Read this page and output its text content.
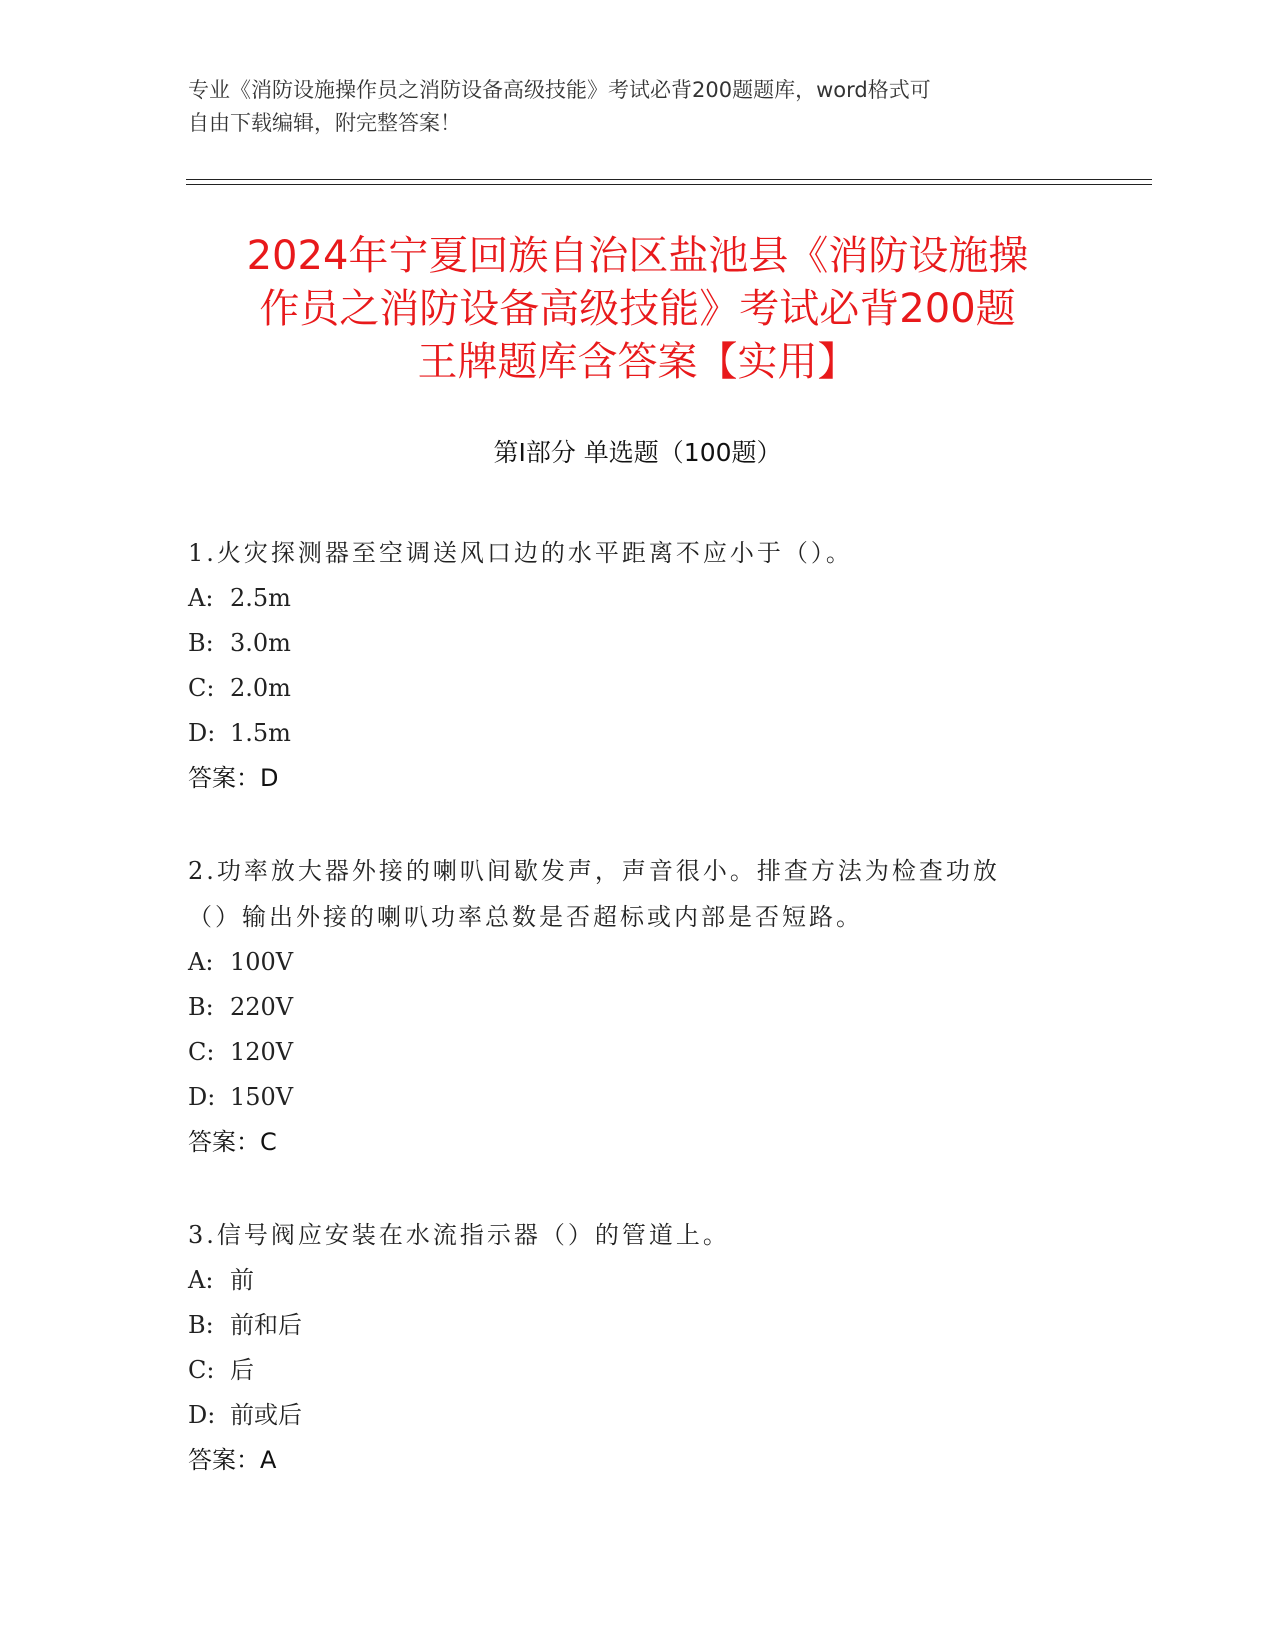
专业《消防设施操作员之消防设备高级技能》考试必背200题题库，word格式可
自由下载编辑，附完整答案！
2024年宁夏回族自治区盐池县《消防设施操
作员之消防设备高级技能》考试必背200题
王牌题库含答案【实用】
第Ⅰ部分 单选题（100题）
1.火灾探测器至空调送风口边的水平距离不应小于（）。
A: 2.5m
B: 3.0m
C: 2.0m
D: 1.5m
答案：D
2.功率放大器外接的喇叭间歇发声，声音很小。排查方法为检查功放
（）输出外接的喇叭功率总数是否超标或内部是否短路。
A: 100V
B: 220V
C: 120V
D: 150V
答案：C
3.信号阀应安装在水流指示器（）的管道上。
A: 前
B: 前和后
C: 后
D: 前或后
答案：A
